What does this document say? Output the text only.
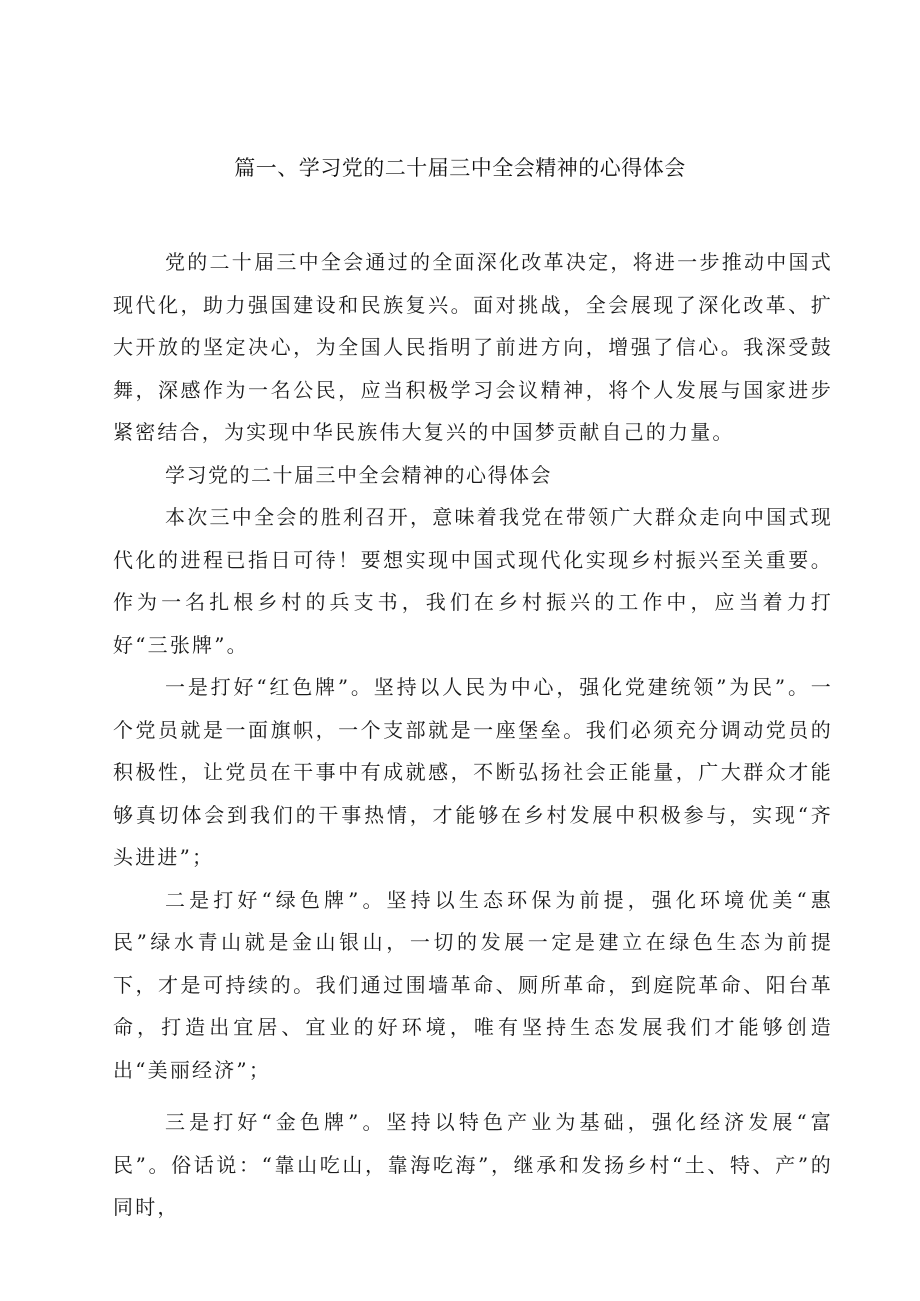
篇一、学习党的二十届三中全会精神的心得体会

党的二十届三中全会通过的全面深化改革决定，将进一步推动中国式现代化，助力强国建设和民族复兴。面对挑战，全会展现了深化改革、扩大开放的坚定决心，为全国人民指明了前进方向，增强了信心。我深受鼓舞，深感作为一名公民，应当积极学习会议精神，将个人发展与国家进步紧密结合，为实现中华民族伟大复兴的中国梦贡献自己的力量。

学习党的二十届三中全会精神的心得体会

本次三中全会的胜利召开，意味着我党在带领广大群众走向中国式现代化的进程已指日可待！要想实现中国式现代化实现乡村振兴至关重要。作为一名扎根乡村的兵支书，我们在乡村振兴的工作中，应当着力打好“三张牌”。

一是打好“红色牌”。坚持以人民为中心，强化党建统领”为民”。一个党员就是一面旗帜，一个支部就是一座堡垒。我们必须充分调动党员的积极性，让党员在干事中有成就感，不断弘扬社会正能量，广大群众才能够真切体会到我们的干事热情，才能够在乡村发展中积极参与，实现“齐头进进”；

二是打好“绿色牌”。坚持以生态环保为前提，强化环境优美“惠民”绿水青山就是金山银山，一切的发展一定是建立在绿色生态为前提下，才是可持续的。我们通过围墙革命、厕所革命，到庭院革命、阳台革命，打造出宜居、宜业的好环境，唯有坚持生态发展我们才能够创造出“美丽经济”；

三是打好“金色牌”。坚持以特色产业为基础，强化经济发展“富民”。俗话说：“靠山吃山，靠海吃海”，继承和发扬乡村“土、特、产”的同时，
